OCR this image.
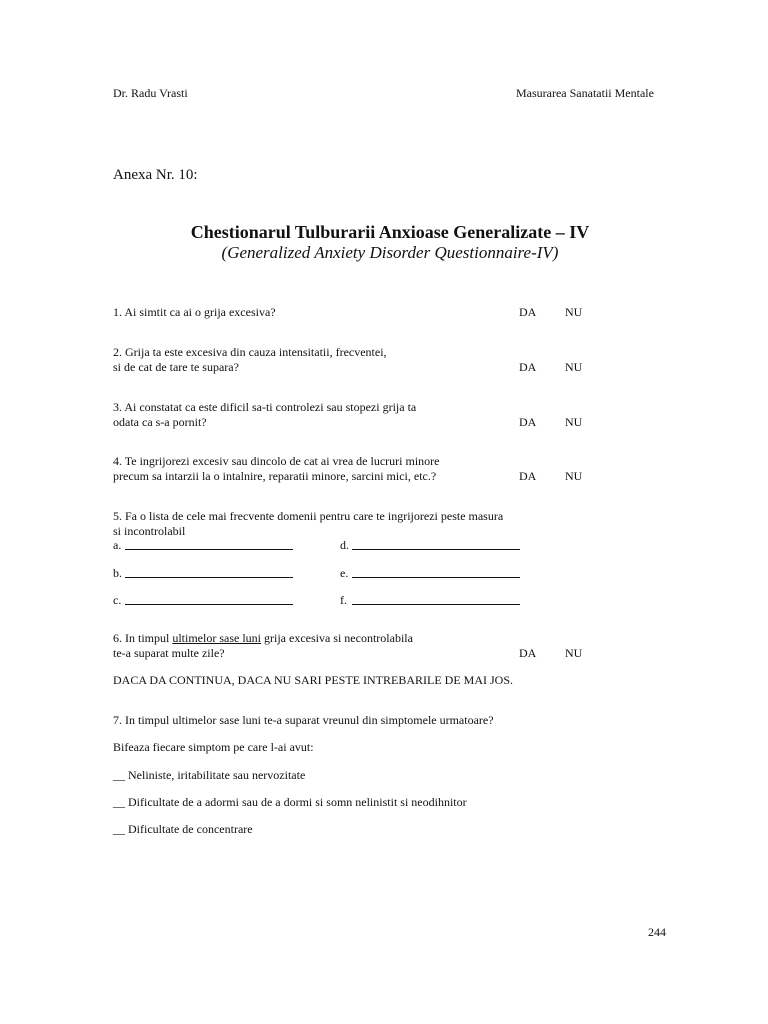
Dr. Radu Vrasti	Masurarea Sanatatii Mentale
Anexa Nr. 10:
Chestionarul Tulburarii Anxioase Generalizate – IV
(Generalized Anxiety Disorder Questionnaire-IV)
1. Ai simtit ca ai o grija excesiva?	DA NU
2. Grija ta este excesiva din cauza intensitatii, frecventei,
si de cat de tare te supara?	DA NU
3. Ai constatat ca este dificil sa-ti controlezi sau stopezi grija ta
odata ca s-a pornit?	DA NU
4. Te ingrijorezi excesiv sau dincolo de cat ai vrea de lucruri minore
precum sa intarzii la o intalnire, reparatii minore, sarcini mici, etc.?	DA NU
5. Fa o lista de cele mai frecvente domenii pentru care te ingrijorezi peste masura
si incontrolabil
a.
b.
c.
d.
e.
f.
6. In timpul ultimelor sase luni grija excesiva si necontrolabila
te-a suparat multe zile?	DA NU
DACA DA CONTINUA, DACA NU SARI PESTE INTREBARILE DE MAI JOS.
7. In timpul ultimelor sase luni te-a suparat vreunul din simptomele urmatoare?
Bifeaza fiecare simptom pe care l-ai avut:
__ Neliniste, iritabilitate sau nervozitate
__ Dificultate de a adormi sau de a dormi si somn nelinistit si neodihnitor
__ Dificultate de concentrare
244
